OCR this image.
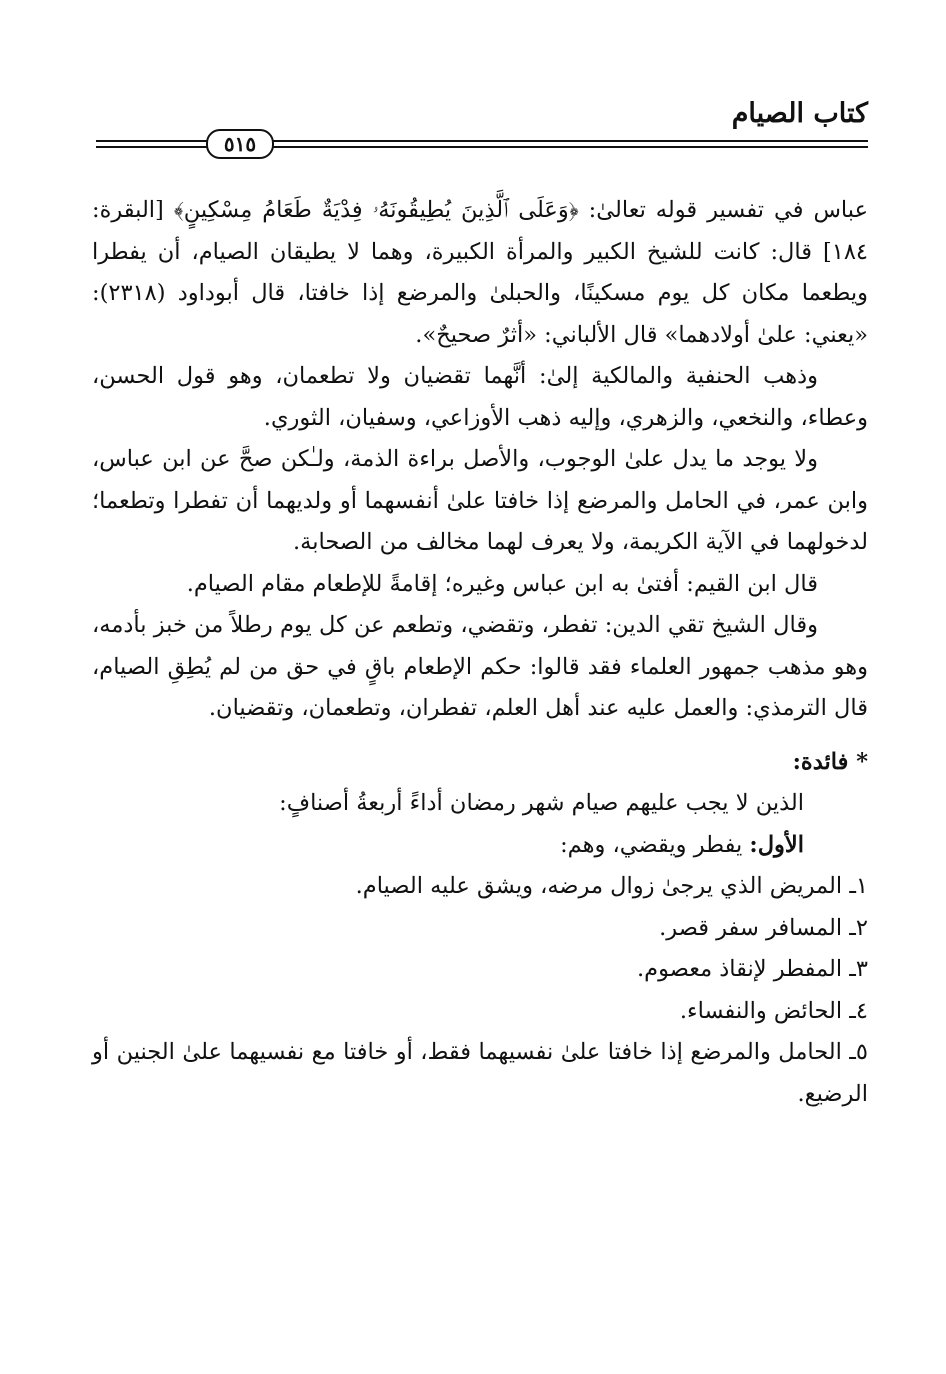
كتاب الصيام
٥١٥

عباس في تفسير قوله تعالىٰ: ﴿وَعَلَى ٱلَّذِينَ يُطِيقُونَهُۥ فِدْيَةٌ طَعَامُ مِسْكِينٍ﴾ [البقرة: ١٨٤] قال: كانت للشيخ الكبير والمرأة الكبيرة، وهما لا يطيقان الصيام، أن يفطرا ويطعما مكان كل يوم مسكينًا، والحبلىٰ والمرضع إذا خافتا، قال أبوداود (٢٣١٨): «يعني: علىٰ أولادهما» قال الألباني: «أثرٌ صحيحٌ».

وذهب الحنفية والمالكية إلىٰ: أنَّهما تقضيان ولا تطعمان، وهو قول الحسن، وعطاء، والنخعي، والزهري، وإليه ذهب الأوزاعي، وسفيان، الثوري.

ولا يوجد ما يدل علىٰ الوجوب، والأصل براءة الذمة، ولـٰكن صحَّ عن ابن عباس، وابن عمر، في الحامل والمرضع إذا خافتا علىٰ أنفسهما أو ولديهما أن تفطرا وتطعما؛ لدخولهما في الآية الكريمة، ولا يعرف لهما مخالف من الصحابة.

قال ابن القيم: أفتىٰ به ابن عباس وغيره؛ إقامةً للإطعام مقام الصيام.

وقال الشيخ تقي الدين: تفطر، وتقضي، وتطعم عن كل يوم رطلاً من خبز بأدمه، وهو مذهب جمهور العلماء فقد قالوا: حكم الإطعام باقٍ في حق من لم يُطِقِ الصيام، قال الترمذي: والعمل عليه عند أهل العلم، تفطران، وتطعمان، وتقضيان.

* فائدة:

الذين لا يجب عليهم صيام شهر رمضان أداءً أربعةُ أصنافٍ:

الأول: يفطر ويقضي، وهم:

١ـ المريض الذي يرجىٰ زوال مرضه، ويشق عليه الصيام.

٢ـ المسافر سفر قصر.

٣ـ المفطر لإنقاذ معصوم.

٤ـ الحائض والنفساء.

٥ـ الحامل والمرضع إذا خافتا علىٰ نفسيهما فقط، أو خافتا مع نفسيهما علىٰ الجنين أو الرضيع.
